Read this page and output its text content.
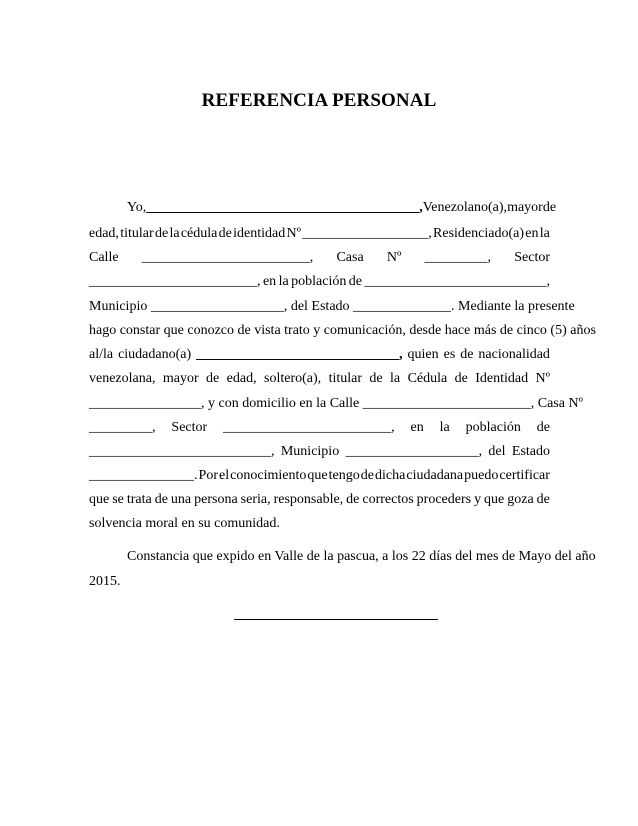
REFERENCIA PERSONAL
Yo, _______________________________________, Venezolano(a), mayor de
edad, titular de la cédula de identidad Nº __________________, Residenciado(a) en la
Calle ________________________, Casa Nº _________, Sector
________________________, en la población de __________________________,
Municipio ___________________, del Estado ______________. Mediante la presente
hago constar que conozco de vista trato y comunicación, desde hace más de cinco (5) años
al/la ciudadano(a) _____________________________, quien es de nacionalidad
venezolana, mayor de edad, soltero(a), titular de la Cédula de Identidad Nº
________________, y con domicilio en la Calle ________________________, Casa Nº
_________, Sector ________________________, en la población de
__________________________, Municipio ___________________, del Estado
_______________. Por el conocimiento que tengo de dicha ciudadana puedo certificar
que se trata de una persona seria, responsable, de correctos proceders y que goza de
solvencia moral en su comunidad.
Constancia que expido en Valle de la pascua, a los 22 días del mes de Mayo del año
2015.
